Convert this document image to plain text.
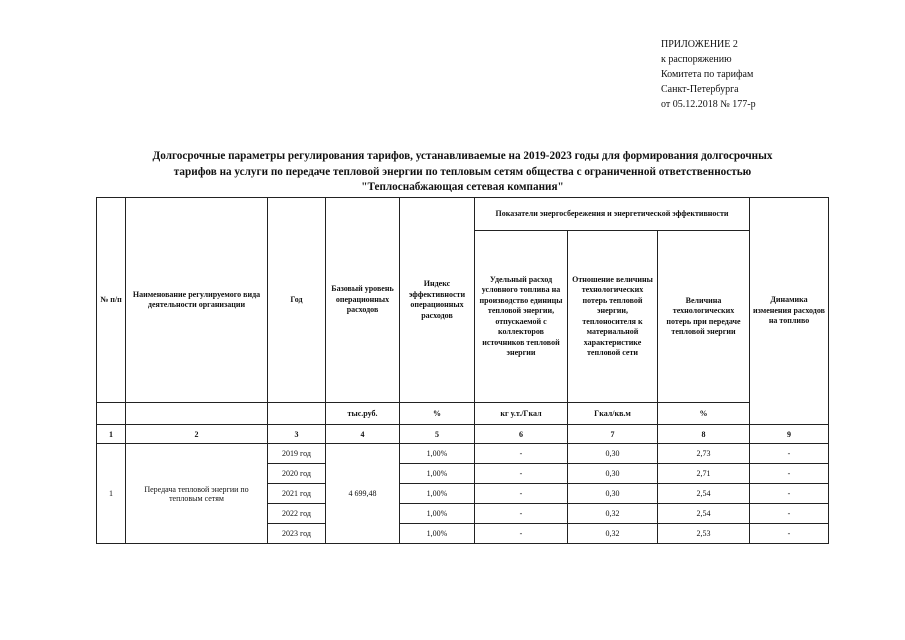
ПРИЛОЖЕНИЕ 2
к распоряжению
Комитета по тарифам
Санкт-Петербурга
от 05.12.2018 № 177-р
Долгосрочные параметры регулирования тарифов, устанавливаемые на 2019-2023 годы для формирования долгосрочных
тарифов на услуги по передаче тепловой энергии по тепловым сетям общества с ограниченной ответственностью
"Теплоснабжающая сетевая компания"
№ п/п	Наименование регулируемого вида деятельности организации	Год	Базовый уровень операционных расходов	Индекс эффективности операционных расходов	Показатели энергосбережения и энергетической эффективности			Динамика изменения расходов на топливо
					Удельный расход условного топлива на производство единицы тепловой энергии, отпускаемой с коллекторов источников тепловой энергии	Отношение величины технологических потерь тепловой энергии, теплоносителя к материальной характеристике тепловой сети	Величина технологических потерь при передаче тепловой энергии	
			тыс.руб.	%	кг у.т./Гкал	Гкал/кв.м	%	
1	2	3	4	5	6	7	8	9
1	Передача тепловой энергии по тепловым сетям	2019 год	4 699,48	1,00%	-	0,30	2,73	-
		2020 год		1,00%	-	0,30	2,71	-
		2021 год		1,00%	-	0,30	2,54	-
		2022 год		1,00%	-	0,32	2,54	-
		2023 год		1,00%	-	0,32	2,53	-
